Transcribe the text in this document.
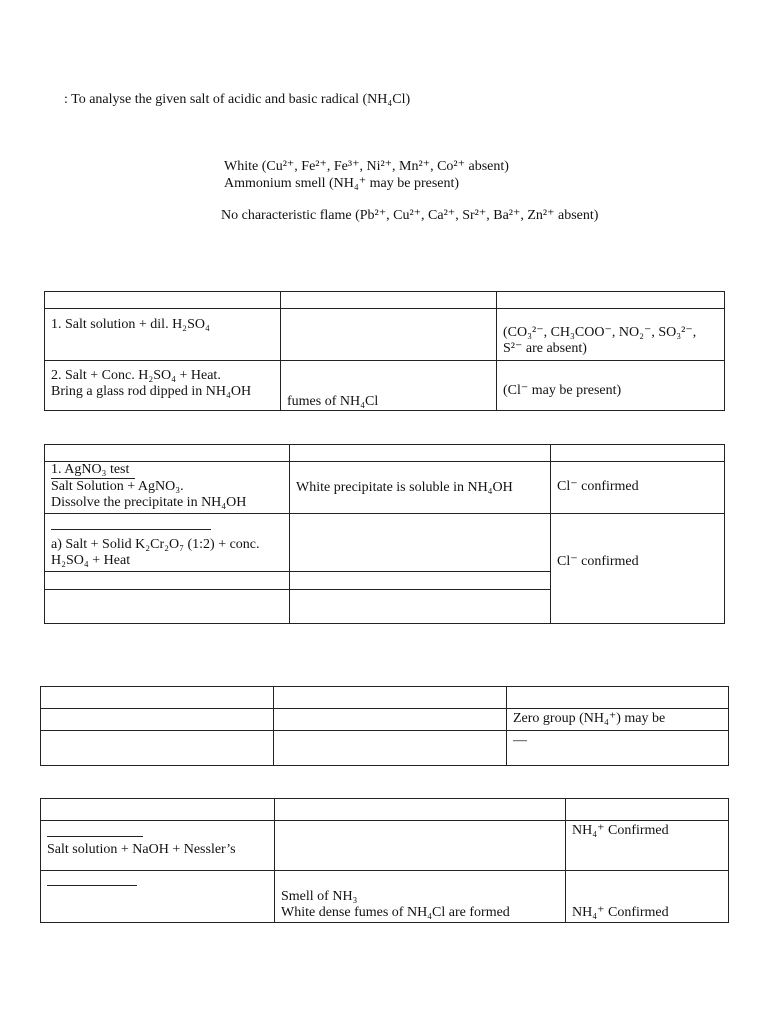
: To analyse the given salt of acidic and basic radical (NH₄Cl)
White (Cu²⁺, Fe²⁺, Fe³⁺, Ni²⁺, Mn²⁺, Co²⁺ absent)
Ammonium smell (NH₄⁺ may be present)
No characteristic flame (Pb²⁺, Cu²⁺, Ca²⁺, Sr²⁺, Ba²⁺, Zn²⁺ absent)

1. Salt solution + dil. H₂SO₄		(CO₃²⁻, CH₃COO⁻, NO₂⁻, SO₃²⁻,
S²⁻ are absent)

2. Salt + Conc. H₂SO₄ + Heat.
Bring a glass rod dipped in NH₄OH	fumes of NH₄Cl	(Cl⁻ may be present)

1. AgNO₃ test
Salt Solution + AgNO₃.
Dissolve the precipitate in NH₄OH	White precipitate is soluble in NH₄OH	Cl⁻ confirmed

a) Salt + Solid K₂Cr₂O₇ (1:2) + conc.
H₂SO₄ + Heat		Cl⁻ confirmed

		Zero group (NH₄⁺) may be
		—

Salt solution + NaOH + Nessler’s		NH₄⁺ Confirmed

	Smell of NH₃
White dense fumes of NH₄Cl are formed	NH₄⁺ Confirmed
